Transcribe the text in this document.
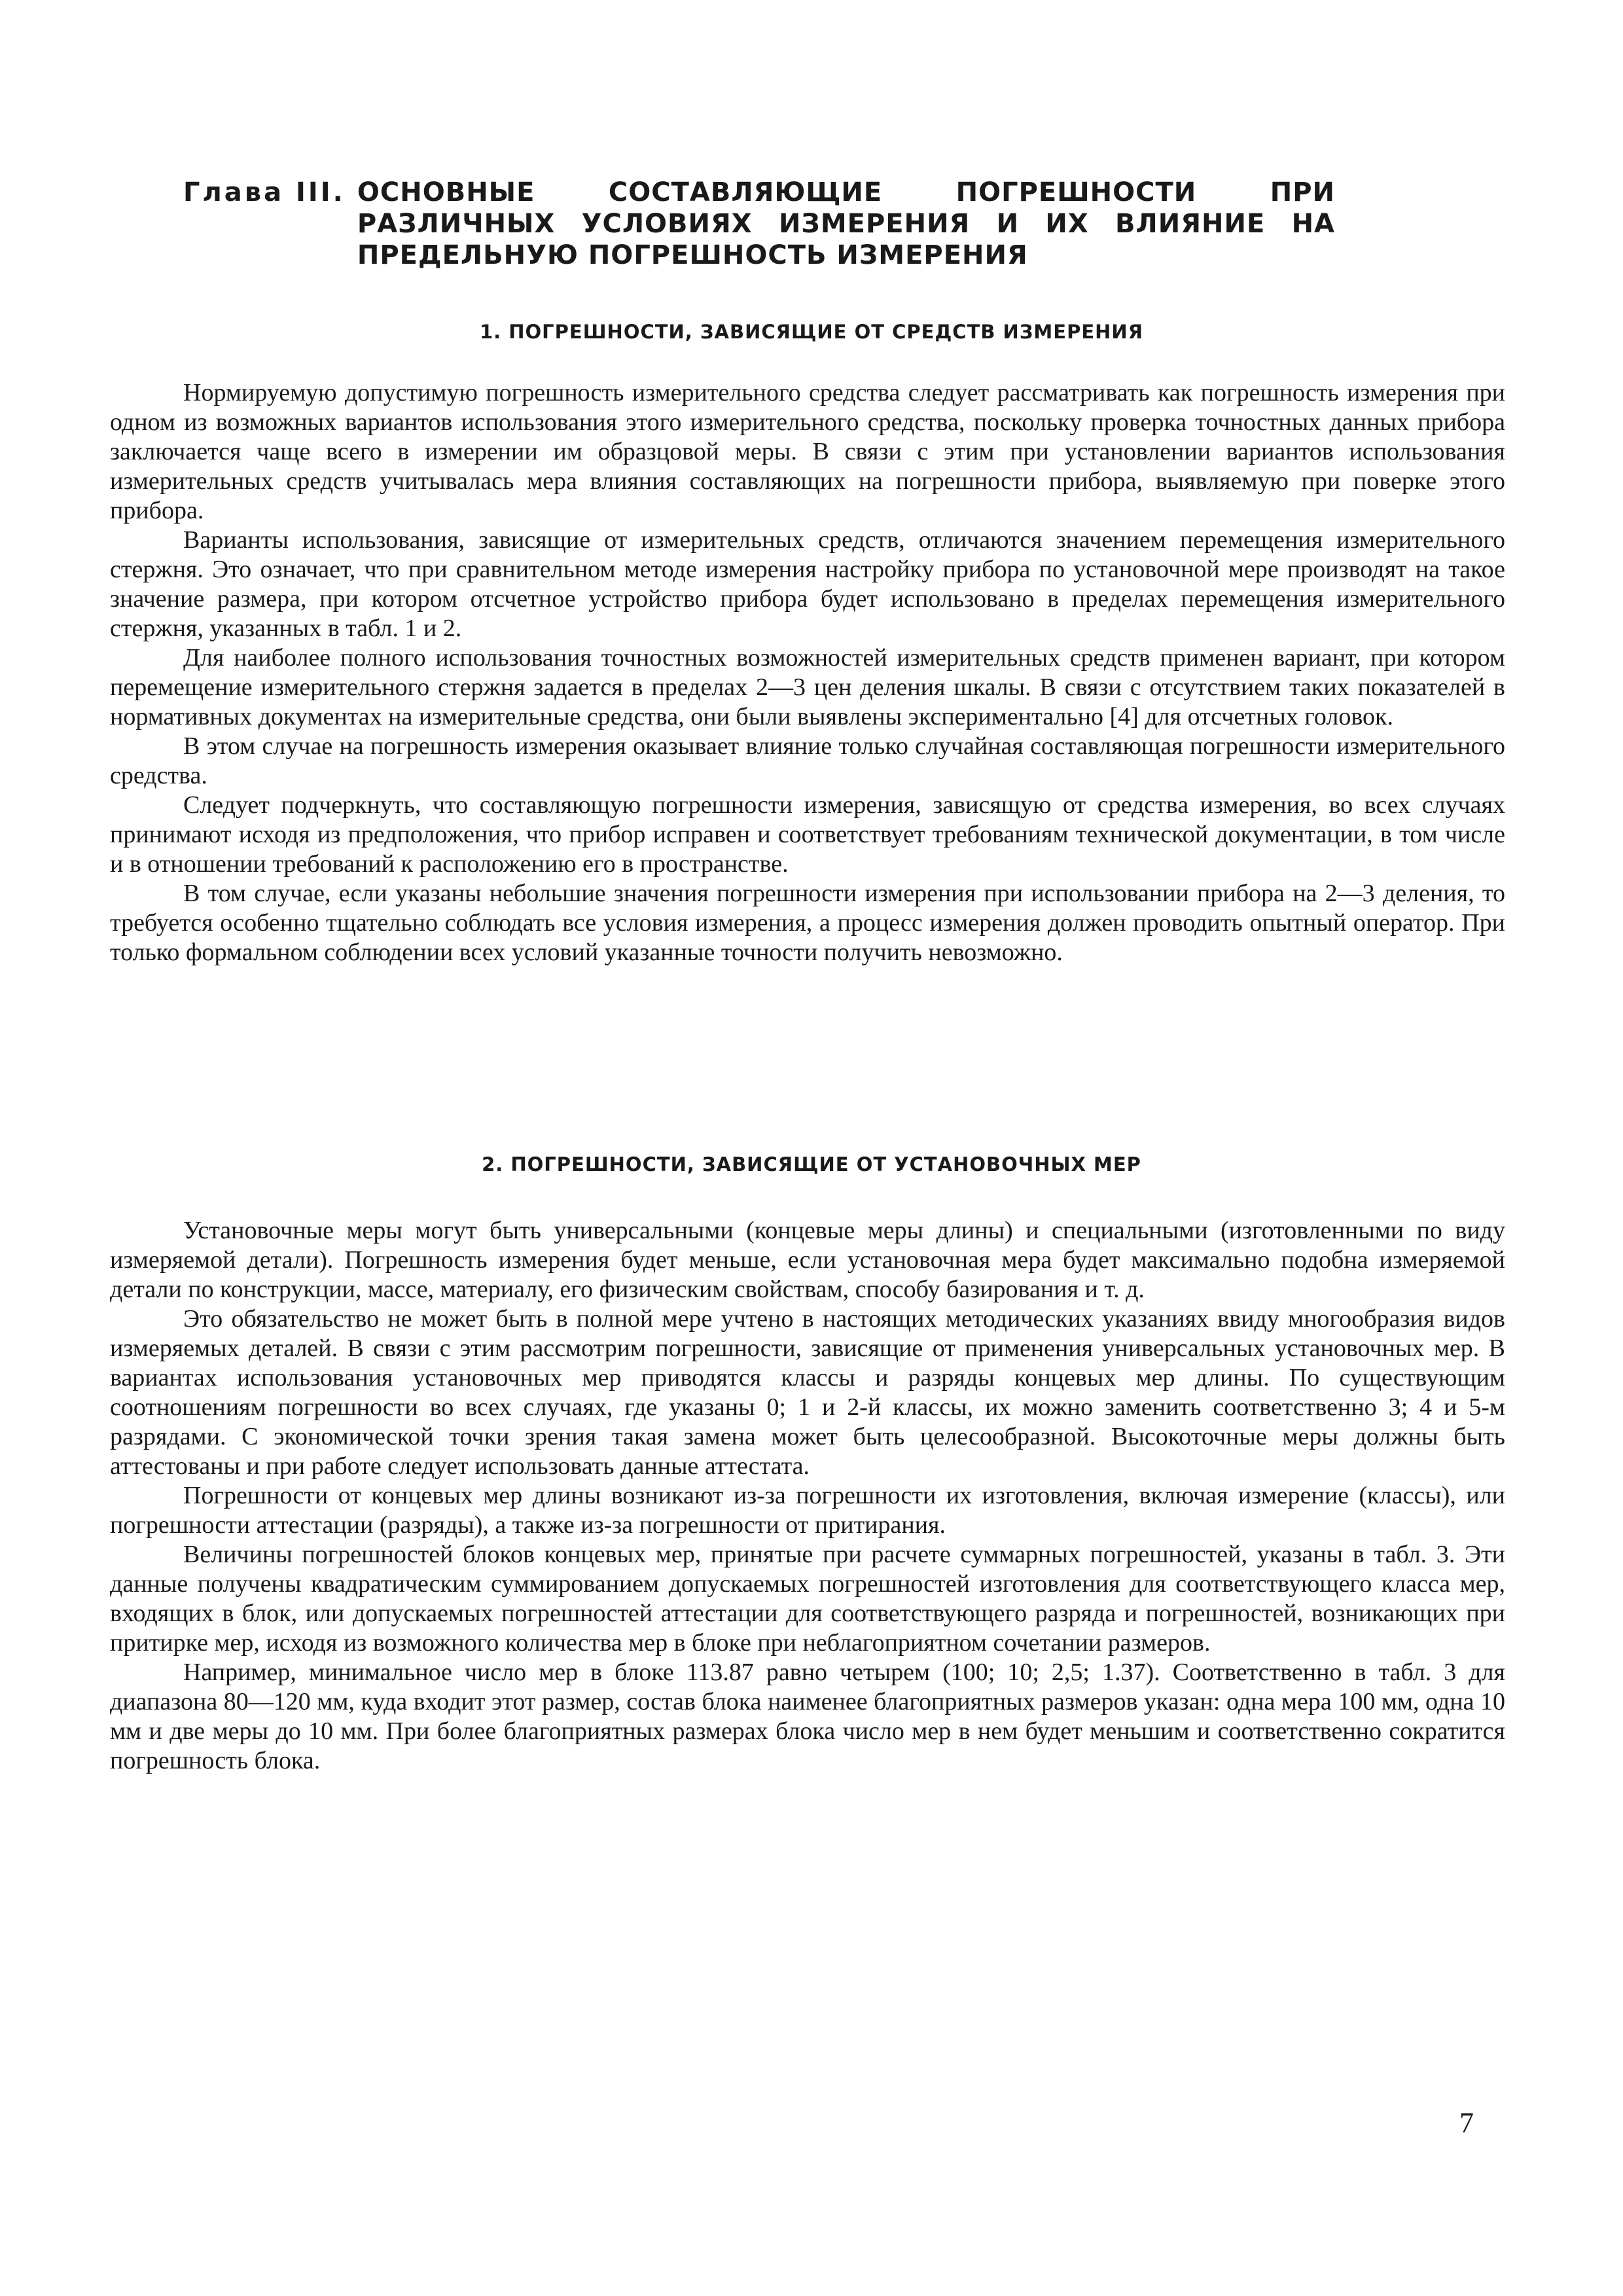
Глава III. ОСНОВНЫЕ СОСТАВЛЯЮЩИЕ ПОГРЕШНОСТИ ПРИ РАЗЛИЧНЫХ УСЛОВИЯХ ИЗМЕРЕНИЯ И ИХ ВЛИЯНИЕ НА ПРЕДЕЛЬНУЮ ПОГРЕШНОСТЬ ИЗМЕРЕНИЯ
1. ПОГРЕШНОСТИ, ЗАВИСЯЩИЕ ОТ СРЕДСТВ ИЗМЕРЕНИЯ

Нормируемую допустимую погрешность измерительного средства следует рассматривать как погрешность измерения при одном из возможных вариантов использования этого измерительного средства, поскольку проверка точностных данных прибора заключается чаще всего в измерении им образцовой меры. В связи с этим при установлении вариантов использования измерительных средств учитывалась мера влияния составляющих на погрешности прибора, выявляемую при поверке этого прибора.

Варианты использования, зависящие от измерительных средств, отличаются значением перемещения измерительного стержня. Это означает, что при сравнительном методе измерения настройку прибора по установочной мере производят на такое значение размера, при котором отсчетное устройство прибора будет использовано в пределах перемещения измерительного стержня, указанных в табл. 1 и 2.

Для наиболее полного использования точностных возможностей измерительных средств применен вариант, при котором перемещение измерительного стержня задается в пределах 2—3 цен деления шкалы. В связи с отсутствием таких показателей в нормативных документах на измерительные средства, они были выявлены экспериментально [4] для отсчетных головок.

В этом случае на погрешность измерения оказывает влияние только случайная составляющая погрешности измерительного средства.

Следует подчеркнуть, что составляющую погрешности измерения, зависящую от средства измерения, во всех случаях принимают исходя из предположения, что прибор исправен и соответствует требованиям технической документации, в том числе и в отношении требований к расположению его в пространстве.

В том случае, если указаны небольшие значения погрешности измерения при использовании прибора на 2—3 деления, то требуется особенно тщательно соблюдать все условия измерения, а процесс измерения должен проводить опытный оператор. При только формальном соблюдении всех условий указанные точности получить невозможно.

2. ПОГРЕШНОСТИ, ЗАВИСЯЩИЕ ОТ УСТАНОВОЧНЫХ МЕР

Установочные меры могут быть универсальными (концевые меры длины) и специальными (изготовленными по виду измеряемой детали). Погрешность измерения будет меньше, если установочная мера будет максимально подобна измеряемой детали по конструкции, массе, материалу, его физическим свойствам, способу базирования и т. д.

Это обязательство не может быть в полной мере учтено в настоящих методических указаниях ввиду многообразия видов измеряемых деталей. В связи с этим рассмотрим погрешности, зависящие от применения универсальных установочных мер. В вариантах использования установочных мер приводятся классы и разряды концевых мер длины. По существующим соотношениям погрешности во всех случаях, где указаны 0; 1 и 2-й классы, их можно заменить соответственно 3; 4 и 5-м разрядами. С экономической точки зрения такая замена может быть целесообразной. Высокоточные меры должны быть аттестованы и при работе следует использовать данные аттестата.

Погрешности от концевых мер длины возникают из-за погрешности их изготовления, включая измерение (классы), или погрешности аттестации (разряды), а также из-за погрешности от притирания.

Величины погрешностей блоков концевых мер, принятые при расчете суммарных погрешностей, указаны в табл. 3. Эти данные получены квадратическим суммированием допускаемых погрешностей изготовления для соответствующего класса мер, входящих в блок, или допускаемых погрешностей аттестации для соответствующего разряда и погрешностей, возникающих при притирке мер, исходя из возможного количества мер в блоке при неблагоприятном сочетании размеров.

Например, минимальное число мер в блоке 113.87 равно четырем (100; 10; 2,5; 1.37). Соответственно в табл. 3 для диапазона 80—120 мм, куда входит этот размер, состав блока наименее благоприятных размеров указан: одна мера 100 мм, одна 10 мм и две меры до 10 мм. При более благоприятных размерах блока число мер в нем будет меньшим и соответственно сократится погрешность блока.

7
